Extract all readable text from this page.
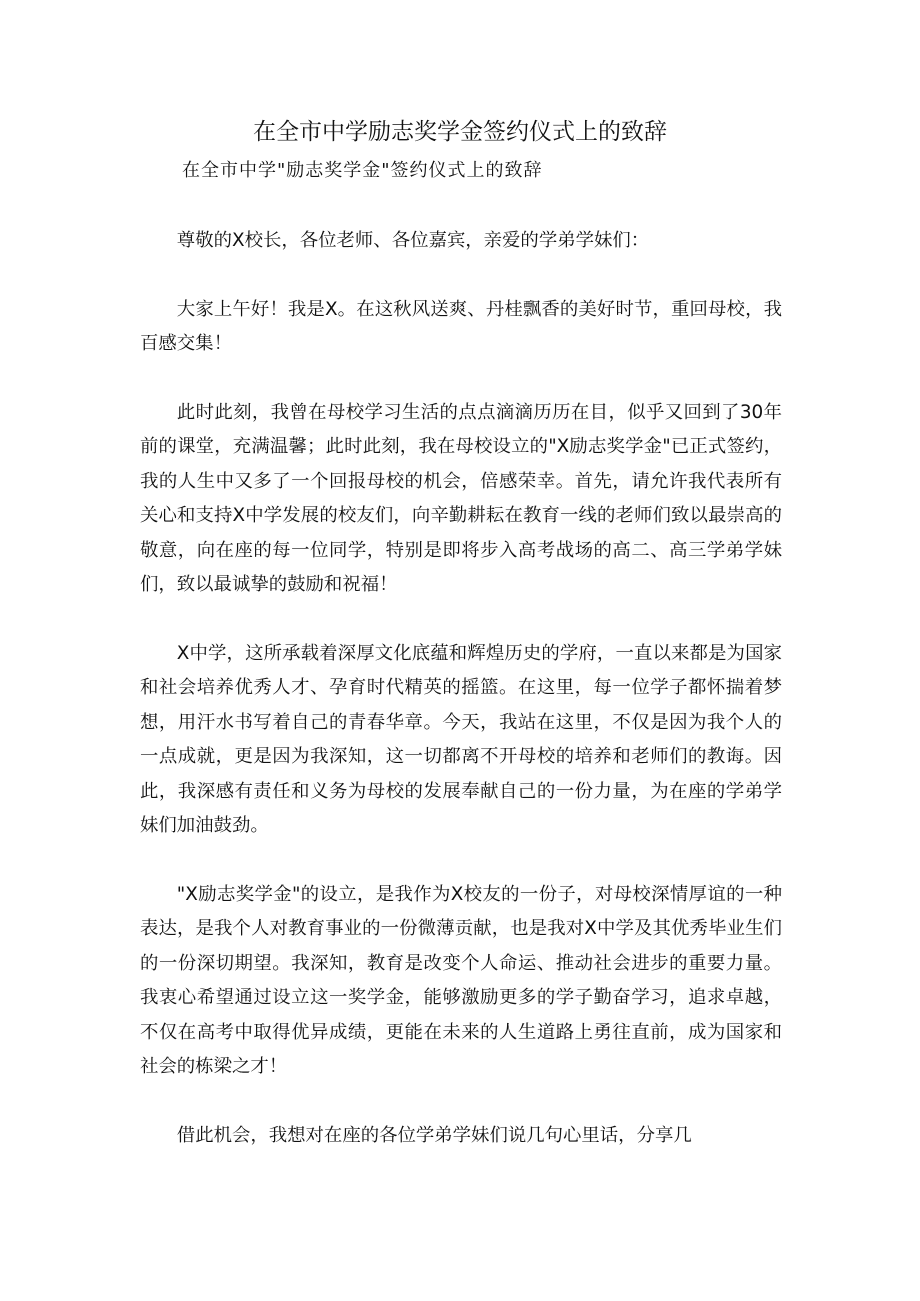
在全市中学励志奖学金签约仪式上的致辞

在全市中学"励志奖学金"签约仪式上的致辞

尊敬的X校长，各位老师、各位嘉宾，亲爱的学弟学妹们：

大家上午好！我是X。在这秋风送爽、丹桂飘香的美好时节，重回母校，我百感交集！

此时此刻，我曾在母校学习生活的点点滴滴历历在目，似乎又回到了30年前的课堂，充满温馨；此时此刻，我在母校设立的"X励志奖学金"已正式签约，我的人生中又多了一个回报母校的机会，倍感荣幸。首先，请允许我代表所有关心和支持X中学发展的校友们，向辛勤耕耘在教育一线的老师们致以最崇高的敬意，向在座的每一位同学，特别是即将步入高考战场的高二、高三学弟学妹们，致以最诚挚的鼓励和祝福！

X中学，这所承载着深厚文化底蕴和辉煌历史的学府，一直以来都是为国家和社会培养优秀人才、孕育时代精英的摇篮。在这里，每一位学子都怀揣着梦想，用汗水书写着自己的青春华章。今天，我站在这里，不仅是因为我个人的一点成就，更是因为我深知，这一切都离不开母校的培养和老师们的教诲。因此，我深感有责任和义务为母校的发展奉献自己的一份力量，为在座的学弟学妹们加油鼓劲。

"X励志奖学金"的设立，是我作为X校友的一份子，对母校深情厚谊的一种表达，是我个人对教育事业的一份微薄贡献，也是我对X中学及其优秀毕业生们的一份深切期望。我深知，教育是改变个人命运、推动社会进步的重要力量。我衷心希望通过设立这一奖学金，能够激励更多的学子勤奋学习，追求卓越，不仅在高考中取得优异成绩，更能在未来的人生道路上勇往直前，成为国家和社会的栋梁之才！

借此机会，我想对在座的各位学弟学妹们说几句心里话，分享几
